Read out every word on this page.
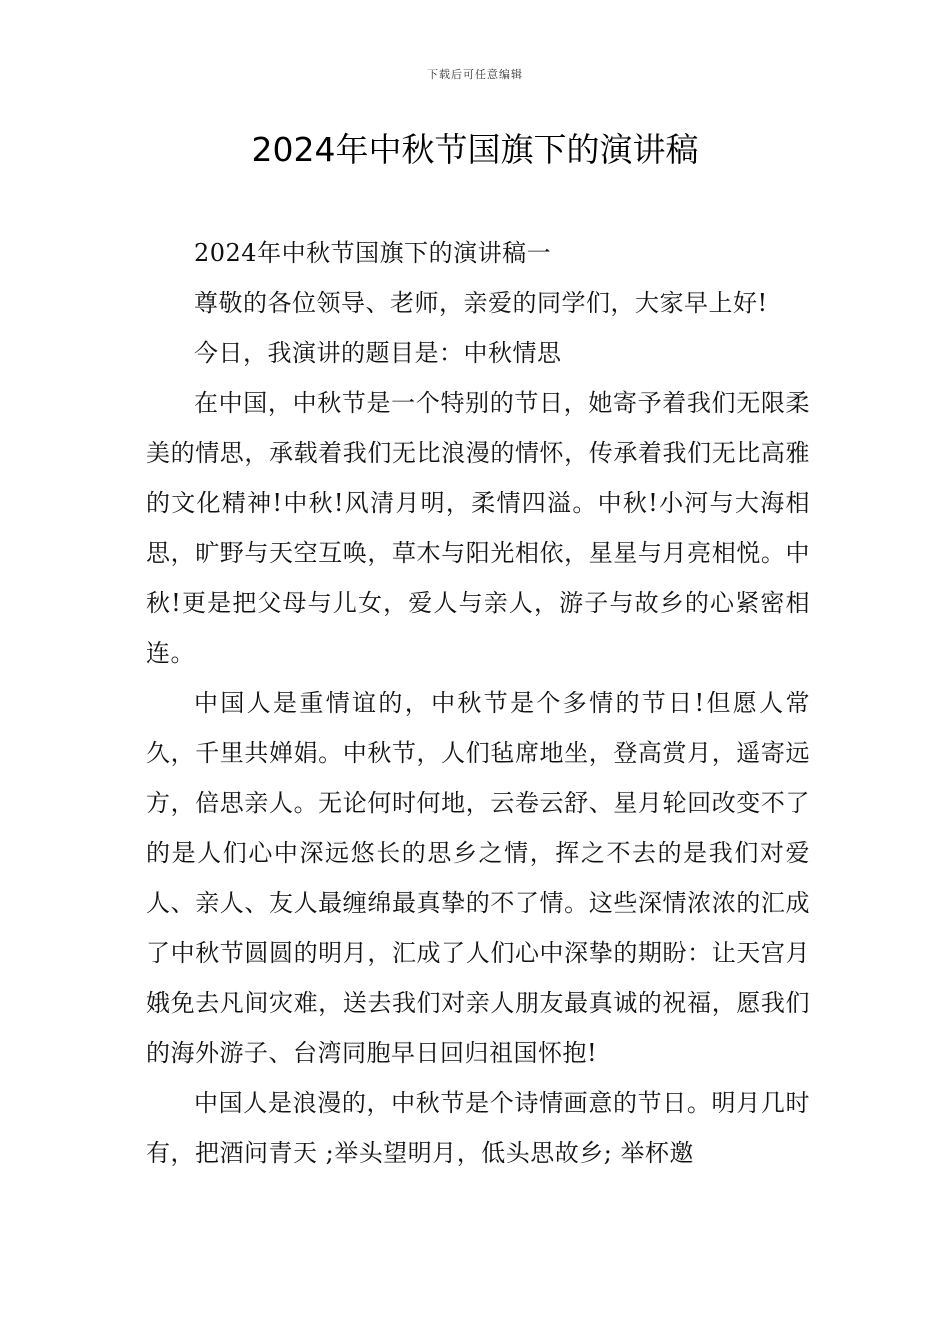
下载后可任意编辑
2024年中秋节国旗下的演讲稿

2024年中秋节国旗下的演讲稿一

尊敬的各位领导、老师，亲爱的同学们，大家早上好!

今日，我演讲的题目是：中秋情思

在中国，中秋节是一个特别的节日，她寄予着我们无限柔美的情思，承载着我们无比浪漫的情怀，传承着我们无比高雅的文化精神!中秋!风清月明，柔情四溢。中秋!小河与大海相思，旷野与天空互唤，草木与阳光相依，星星与月亮相悦。中秋!更是把父母与儿女，爱人与亲人，游子与故乡的心紧密相连。

中国人是重情谊的，中秋节是个多情的节日!但愿人常久，千里共婵娟。中秋节，人们毡席地坐，登高赏月，遥寄远方，倍思亲人。无论何时何地，云卷云舒、星月轮回改变不了的是人们心中深远悠长的思乡之情，挥之不去的是我们对爱人、亲人、友人最缠绵最真挚的不了情。这些深情浓浓的汇成了中秋节圆圆的明月，汇成了人们心中深挚的期盼：让天宫月娥免去凡间灾难，送去我们对亲人朋友最真诚的祝福，愿我们的海外游子、台湾同胞早日回归祖国怀抱!

中国人是浪漫的，中秋节是个诗情画意的节日。明月几时有，把酒问青天 ;举头望明月，低头思故乡; 举杯邀
